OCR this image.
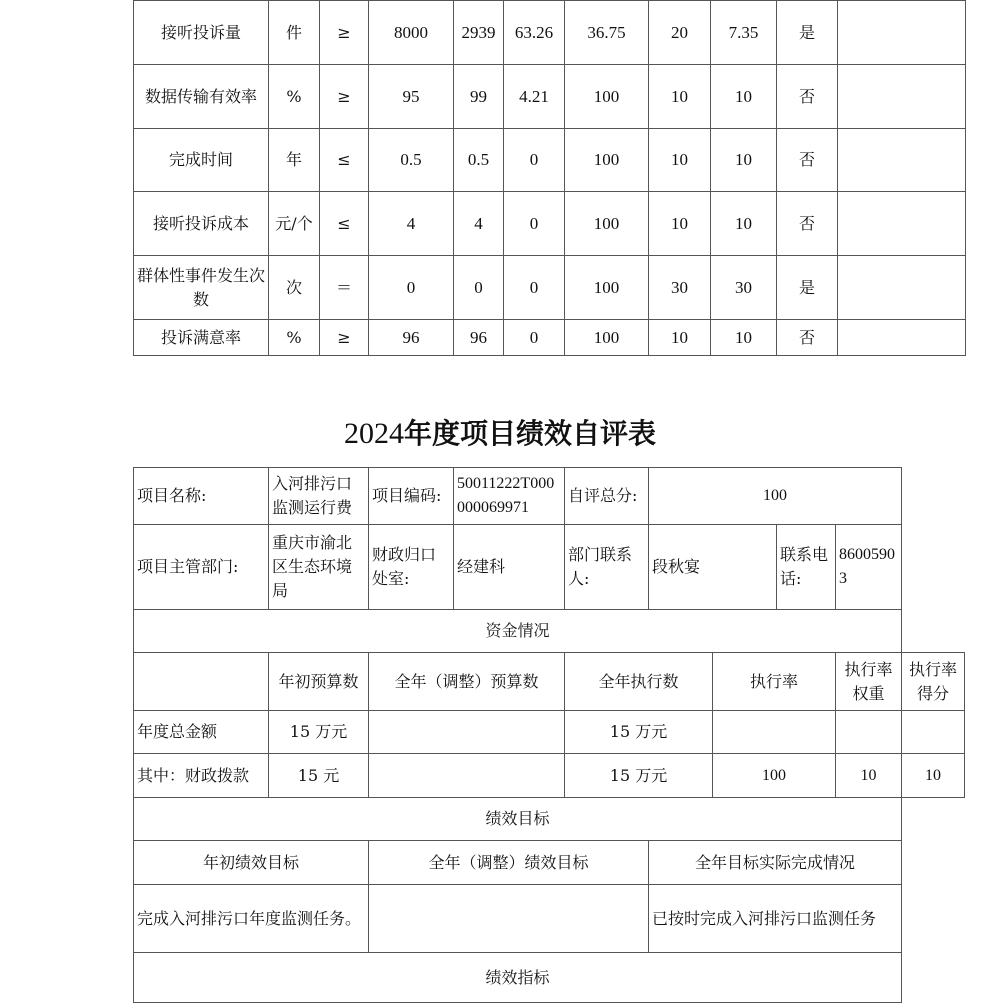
接听投诉量	件	≥	8000	2939	63.26	36.75	20	7.35	是	
数据传输有效率	%	≥	95	99	4.21	100	10	10	否	
完成时间	年	≤	0.5	0.5	0	100	10	10	否	
接听投诉成本	元/个	≤	4	4	0	100	10	10	否	
群体性事件发生次数	次	＝	0	0	0	100	30	30	是	
投诉满意率	%	≥	96	96	0	100	10	10	否	
2024年度项目绩效自评表
项目名称:	入河排污口监测运行费	项目编码:	50011222T000000069971	自评总分:	100				
项目主管部门:	重庆市渝北区生态环境局	财政归口处室:	经建科	部门联系人:	段秋宴		联系电话:	86005903	
资金情况									
	年初预算数	全年（调整）预算数		全年执行数		执行率		执行率权重	执行率得分
年度总金额	15 万元			15 万元					
其中：财政拨款	15 元			15 万元		100		10	10
绩效目标									
年初绩效目标		全年（调整）绩效目标			全年目标实际完成情况				
完成入河排污口年度监测任务。					已按时完成入河排污口监测任务				
绩效指标									
